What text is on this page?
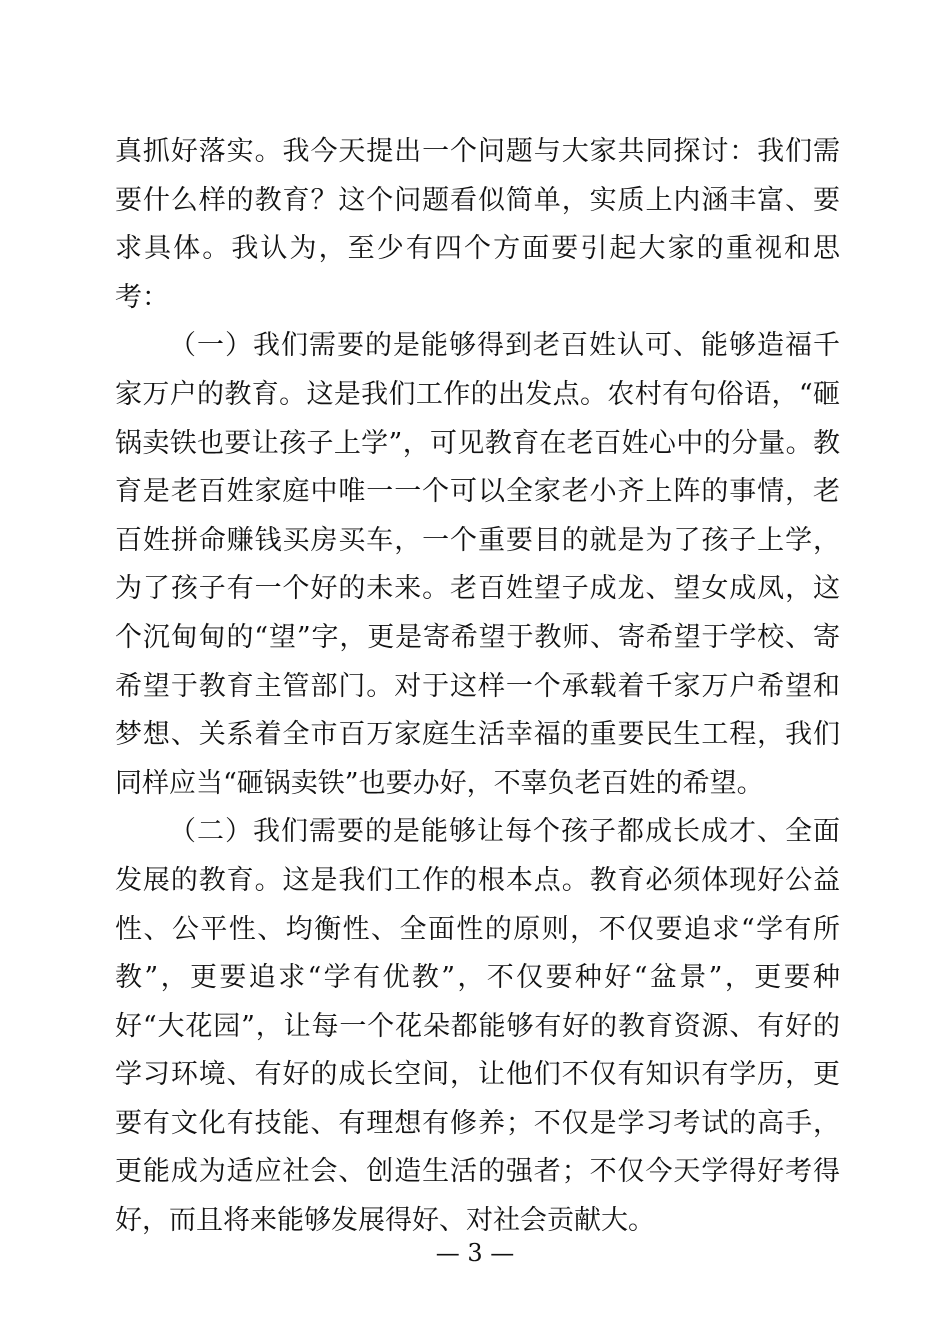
真抓好落实。我今天提出一个问题与大家共同探讨：我们需要什么样的教育？这个问题看似简单，实质上内涵丰富、要求具体。我认为，至少有四个方面要引起大家的重视和思考：

（一）我们需要的是能够得到老百姓认可、能够造福千家万户的教育。这是我们工作的出发点。农村有句俗语，“砸锅卖铁也要让孩子上学”，可见教育在老百姓心中的分量。教育是老百姓家庭中唯一一个可以全家老小齐上阵的事情，老百姓拼命赚钱买房买车，一个重要目的就是为了孩子上学，为了孩子有一个好的未来。老百姓望子成龙、望女成凤，这个沉甸甸的“望”字，更是寄希望于教师、寄希望于学校、寄希望于教育主管部门。对于这样一个承载着千家万户希望和梦想、关系着全市百万家庭生活幸福的重要民生工程，我们同样应当“砸锅卖铁”也要办好，不辜负老百姓的希望。

（二）我们需要的是能够让每个孩子都成长成才、全面发展的教育。这是我们工作的根本点。教育必须体现好公益性、公平性、均衡性、全面性的原则，不仅要追求“学有所教”，更要追求“学有优教”，不仅要种好“盆景”，更要种好“大花园”，让每一个花朵都能够有好的教育资源、有好的学习环境、有好的成长空间，让他们不仅有知识有学历，更要有文化有技能、有理想有修养；不仅是学习考试的高手，更能成为适应社会、创造生活的强者；不仅今天学得好考得好，而且将来能够发展得好、对社会贡献大。

— 3 —
